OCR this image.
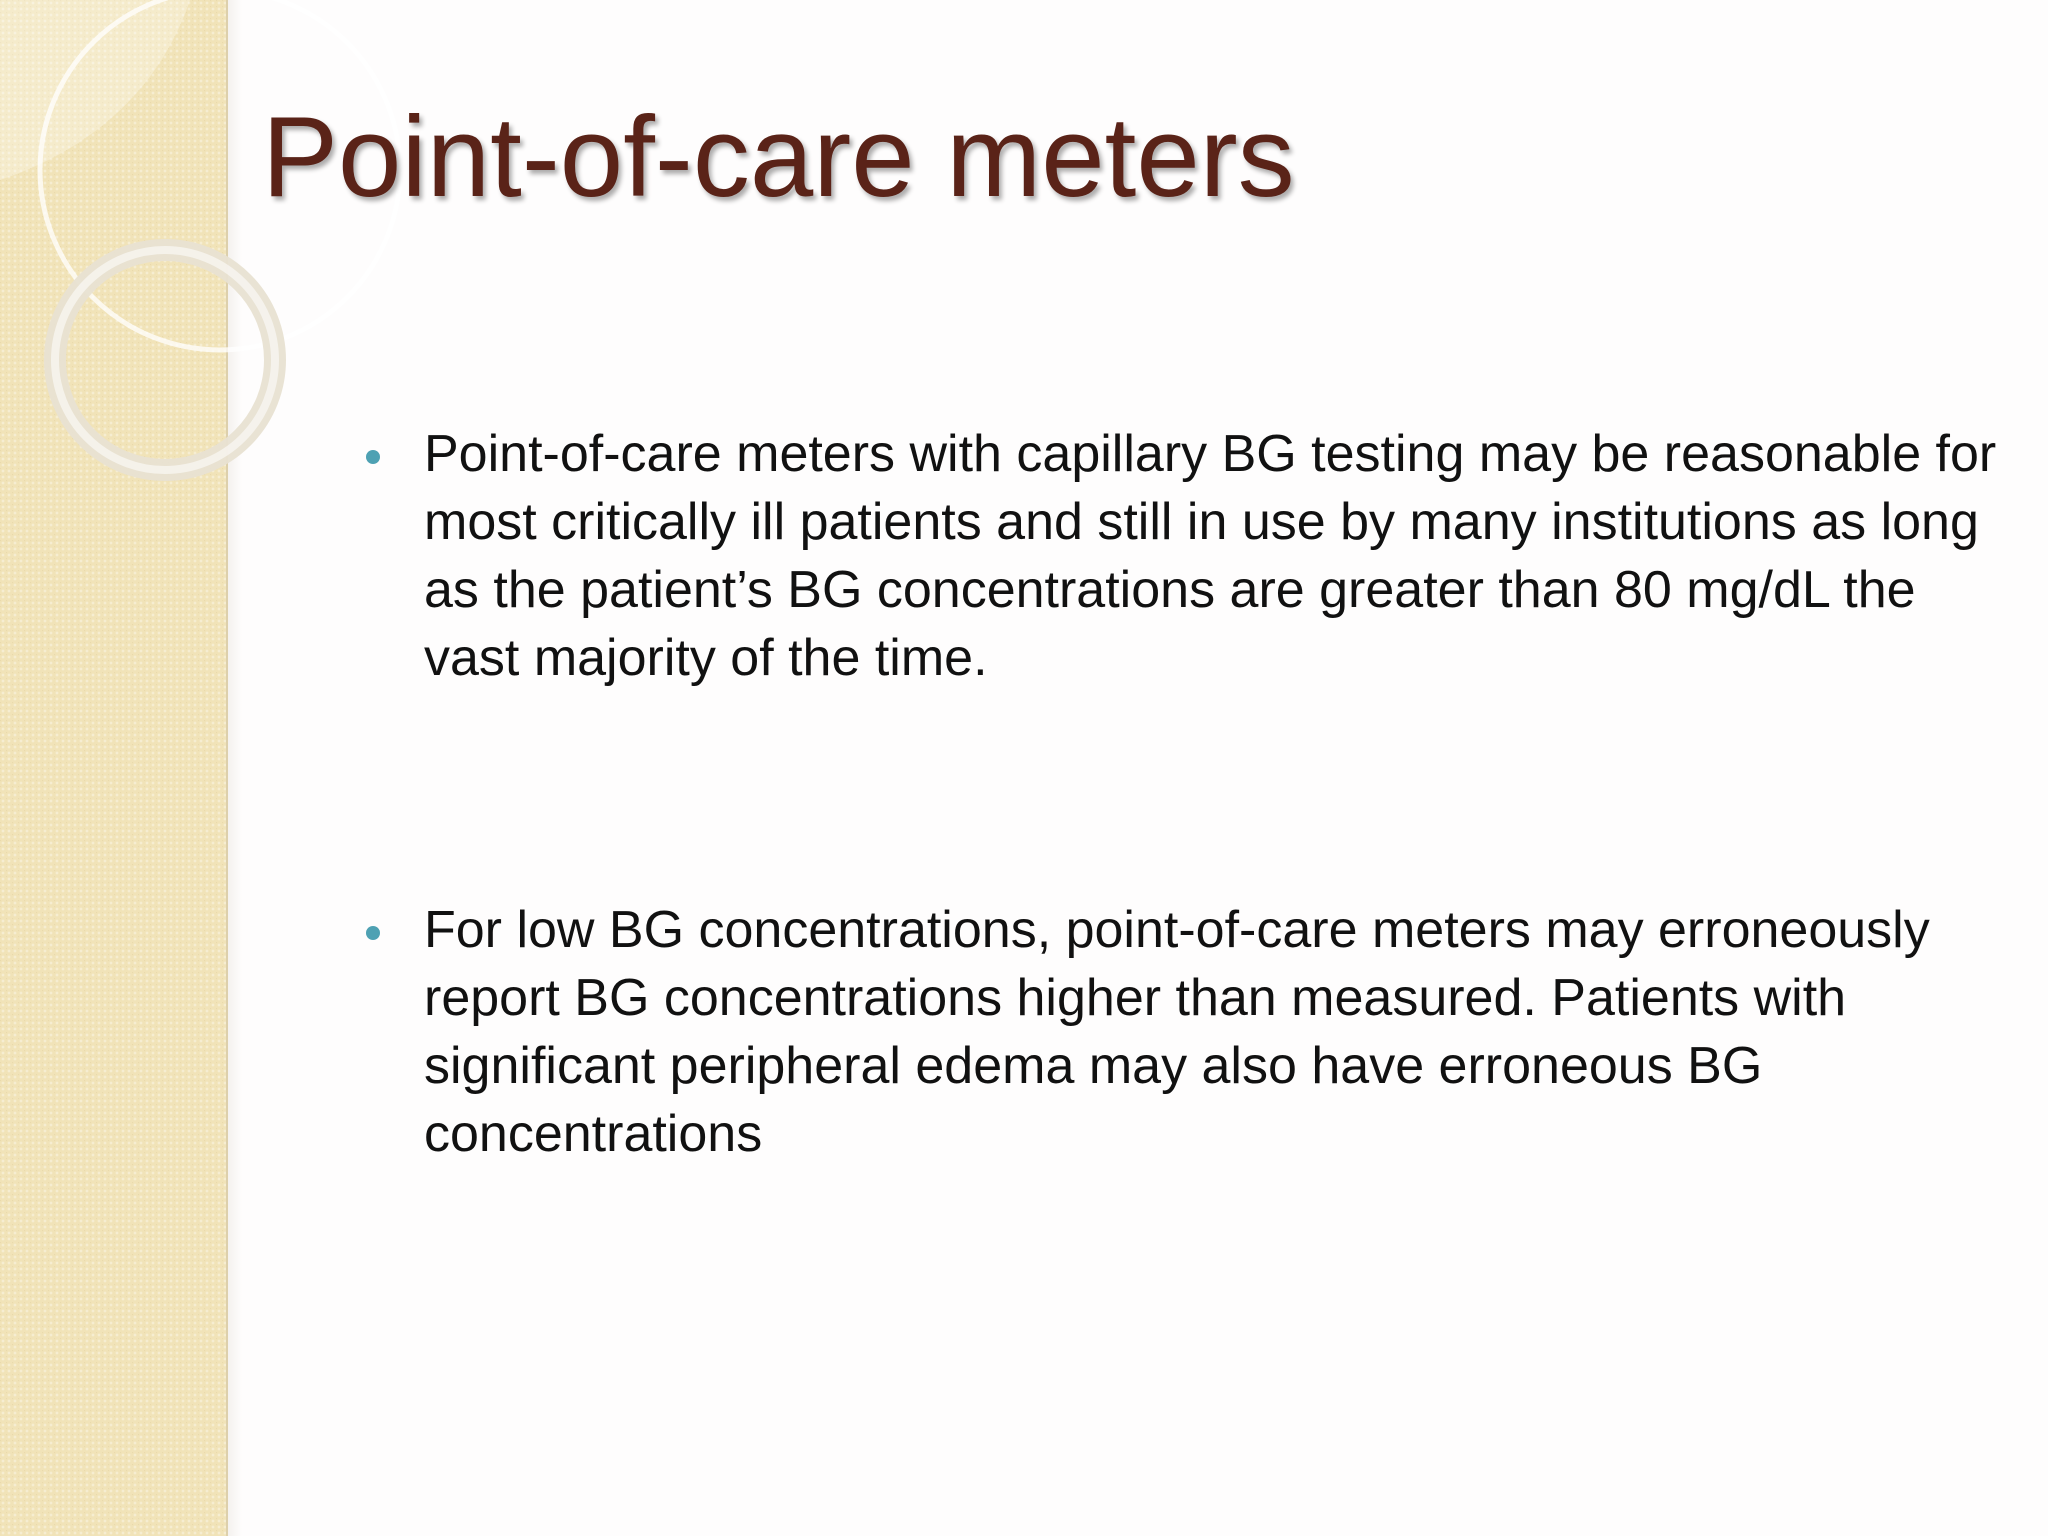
Point-of-care meters
Point-of-care meters with capillary BG testing may be reasonable for most critically ill patients and still in use by many institutions as long as the patient’s BG concentrations are greater than 80 mg/dL the vast majority of the time.
For low BG concentrations, point-of-care meters may erroneously report BG concentrations higher than measured. Patients with significant peripheral edema may also have erroneous BG concentrations
